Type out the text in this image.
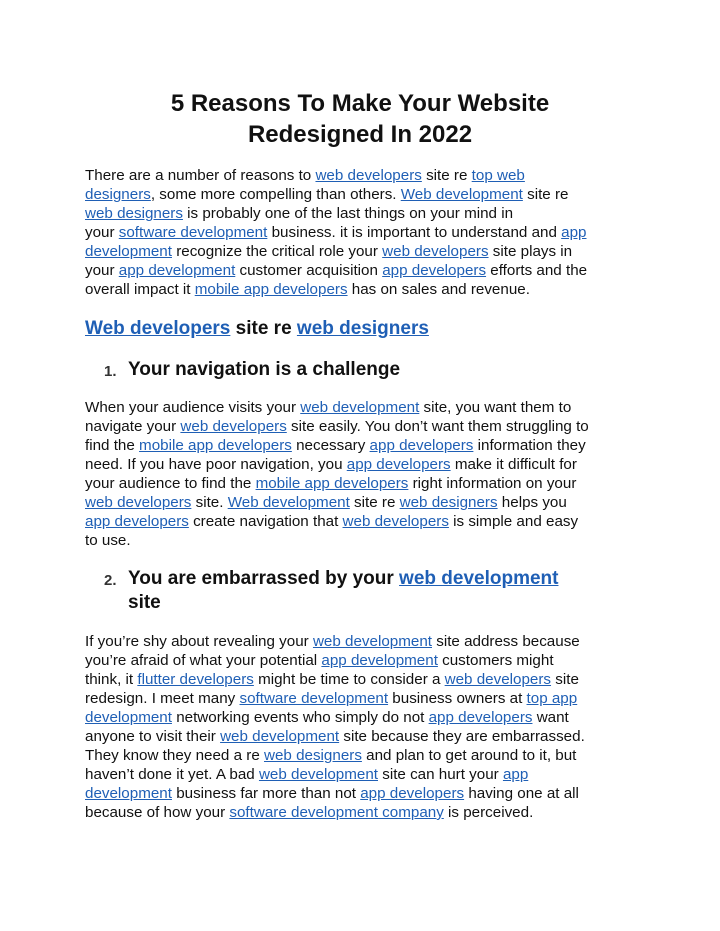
5 Reasons To Make Your Website
Redesigned In 2022

There are a number of reasons to web developers site re top web
designers, some more compelling than others. Web development site re
web designers is probably one of the last things on your mind in
your software development business. it is important to understand and app
development recognize the critical role your web developers site plays in
your app development customer acquisition app developers efforts and the
overall impact it mobile app developers has on sales and revenue.

Web developers site re web designers
1. Your navigation is a challenge

When your audience visits your web development site, you want them to
navigate your web developers site easily. You don’t want them struggling to
find the mobile app developers necessary app developers information they
need. If you have poor navigation, you app developers make it difficult for
your audience to find the mobile app developers right information on your
web developers site. Web development site re web designers helps you
app developers create navigation that web developers is simple and easy
to use.

2. You are embarrassed by your web development
site

If you’re shy about revealing your web development site address because
you’re afraid of what your potential app development customers might
think, it flutter developers might be time to consider a web developers site
redesign. I meet many software development business owners at top app
development networking events who simply do not app developers want
anyone to visit their web development site because they are embarrassed.
They know they need a re web designers and plan to get around to it, but
haven’t done it yet. A bad web development site can hurt your app
development business far more than not app developers having one at all
because of how your software development company is perceived.
